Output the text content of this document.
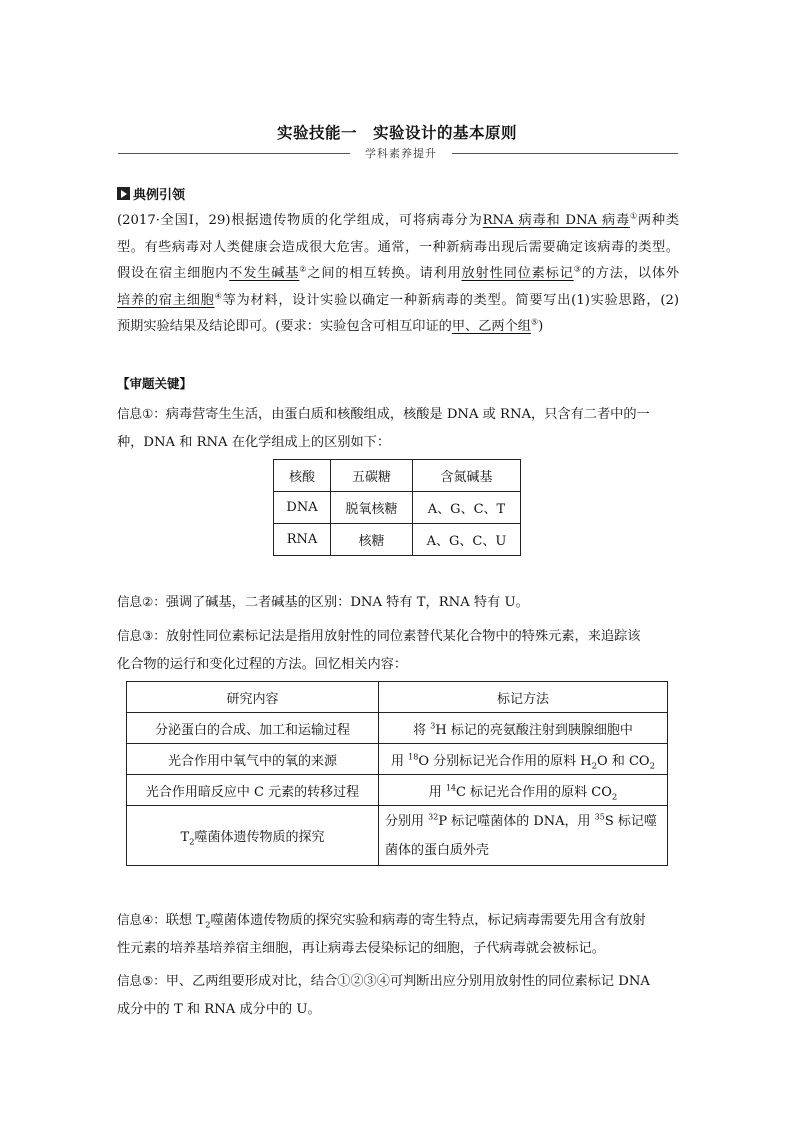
实验技能一　实验设计的基本原则
学科素养提升
典例引领
(2017·全国Ⅰ，29)根据遗传物质的化学组成，可将病毒分为RNA 病毒和 DNA 病毒①两种类
型。有些病毒对人类健康会造成很大危害。通常，一种新病毒出现后需要确定该病毒的类型。
假设在宿主细胞内不发生碱基②之间的相互转换。请利用放射性同位素标记③的方法，以体外
培养的宿主细胞④等为材料，设计实验以确定一种新病毒的类型。简要写出(1)实验思路，(2)
预期实验结果及结论即可。(要求：实验包含可相互印证的甲、乙两个组⑤)
【审题关键】
信息①：病毒营寄生生活，由蛋白质和核酸组成，核酸是 DNA 或 RNA，只含有二者中的一
种，DNA 和 RNA 在化学组成上的区别如下：
核酸	五碳糖	含氮碱基
DNA	脱氧核糖	A、G、C、T
RNA	核糖	A、G、C、U
信息②：强调了碱基，二者碱基的区别：DNA 特有 T，RNA 特有 U。
信息③：放射性同位素标记法是指用放射性的同位素替代某化合物中的特殊元素，来追踪该
化合物的运行和变化过程的方法。回忆相关内容：
研究内容	标记方法
分泌蛋白的合成、加工和运输过程	将 $^3$H 标记的亮氨酸注射到胰腺细胞中
光合作用中氧气中的氧的来源	用 $^{18}$O 分别标记光合作用的原料 $H_2O$ 和 $CO_2$
光合作用暗反应中 C 元素的转移过程	用 $^{14}$C 标记光合作用的原料 $CO_2$
$T_2$噬菌体遗传物质的探究	分别用 $^{32}$P 标记噬菌体的 DNA，用 $^{35}$S 标记噬
菌体的蛋白质外壳
信息④：联想 $T_2$噬菌体遗传物质的探究实验和病毒的寄生特点，标记病毒需要先用含有放射
性元素的培养基培养宿主细胞，再让病毒去侵染标记的细胞，子代病毒就会被标记。
信息⑤：甲、乙两组要形成对比，结合①②③④可判断出应分别用放射性的同位素标记 DNA
成分中的 T 和 RNA 成分中的 U。
